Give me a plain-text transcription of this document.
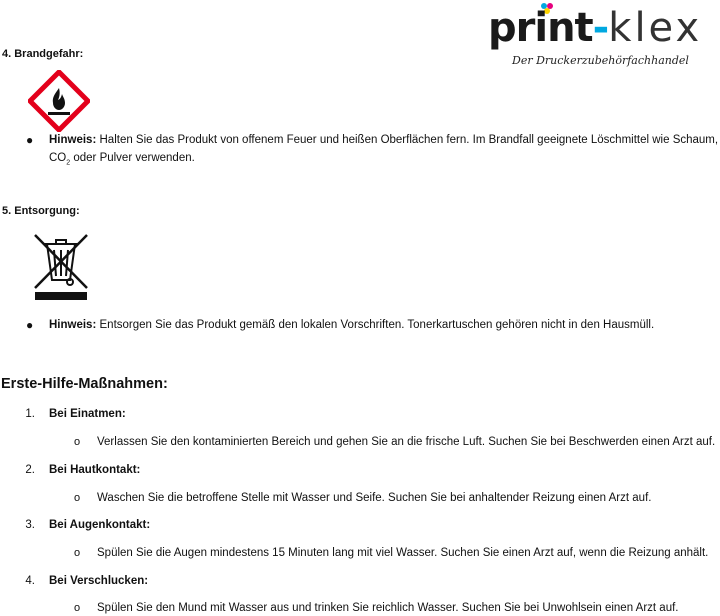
print-klex
Der Druckerzubehörfachhandel
4. Brandgefahr:
● Hinweis: Halten Sie das Produkt von offenem Feuer und heißen Oberflächen fern. Im Brandfall geeignete Löschmittel wie Schaum,
$CO_2$ oder Pulver verwenden.
5. Entsorgung:
● Hinweis: Entsorgen Sie das Produkt gemäß den lokalen Vorschriften. Tonerkartuschen gehören nicht in den Hausmüll.
Erste-Hilfe-Maßnahmen:
1. Bei Einatmen:
o Verlassen Sie den kontaminierten Bereich und gehen Sie an die frische Luft. Suchen Sie bei Beschwerden einen Arzt auf.
2. Bei Hautkontakt:
o Waschen Sie die betroffene Stelle mit Wasser und Seife. Suchen Sie bei anhaltender Reizung einen Arzt auf.
3. Bei Augenkontakt:
o Spülen Sie die Augen mindestens 15 Minuten lang mit viel Wasser. Suchen Sie einen Arzt auf, wenn die Reizung anhält.
4. Bei Verschlucken:
o Spülen Sie den Mund mit Wasser aus und trinken Sie reichlich Wasser. Suchen Sie bei Unwohlsein einen Arzt auf.
